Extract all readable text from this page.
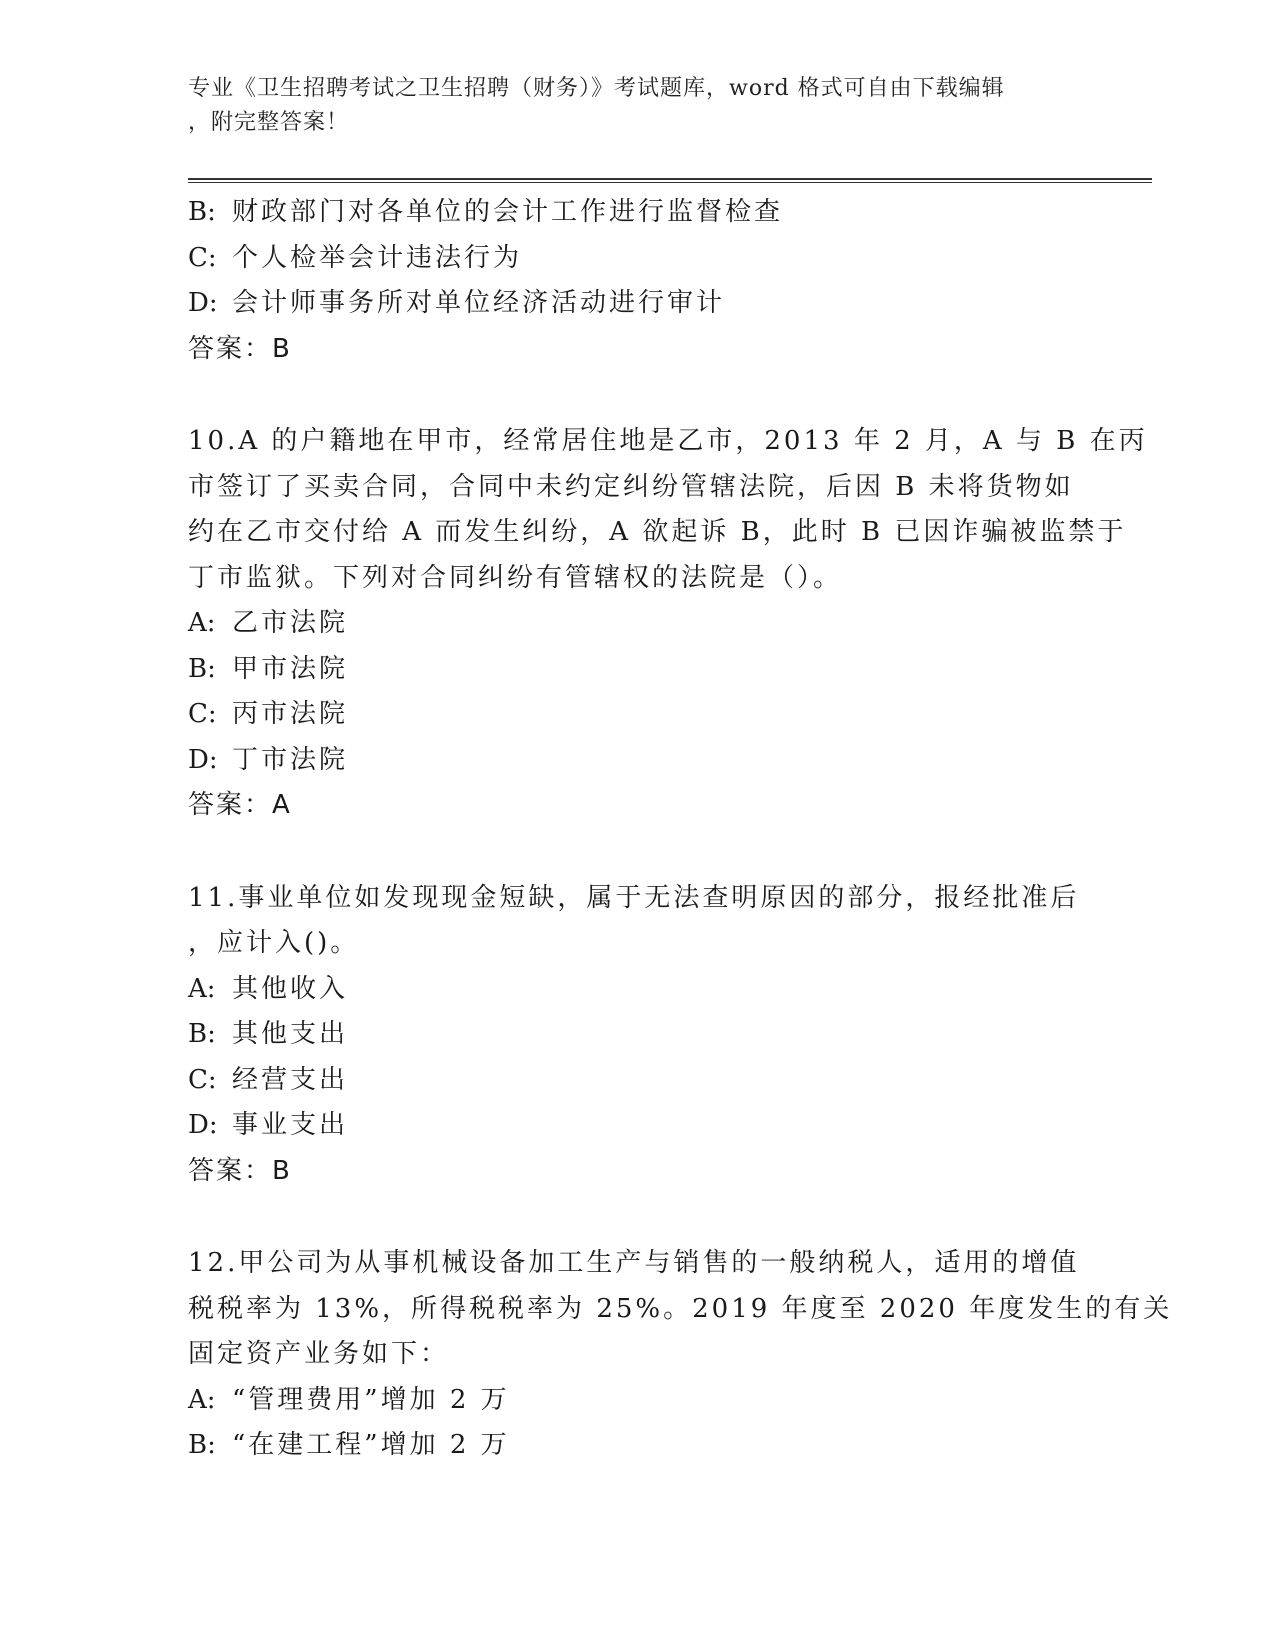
专业《卫生招聘考试之卫生招聘（财务）》考试题库，word 格式可自由下载编辑
，附完整答案！
B: 财政部门对各单位的会计工作进行监督检查
C: 个人检举会计违法行为
D: 会计师事务所对单位经济活动进行审计
答案：B
10.A 的户籍地在甲市，经常居住地是乙市，2013 年 2 月，A 与 B 在丙
市签订了买卖合同，合同中未约定纠纷管辖法院，后因 B 未将货物如
约在乙市交付给 A 而发生纠纷，A 欲起诉 B，此时 B 已因诈骗被监禁于
丁市监狱。下列对合同纠纷有管辖权的法院是（）。
A: 乙市法院
B: 甲市法院
C: 丙市法院
D: 丁市法院
答案：A
11.事业单位如发现现金短缺，属于无法查明原因的部分，报经批准后
，应计入()。
A: 其他收入
B: 其他支出
C: 经营支出
D: 事业支出
答案：B
12.甲公司为从事机械设备加工生产与销售的一般纳税人，适用的增值
税税率为 13%，所得税税率为 25%。2019 年度至 2020 年度发生的有关
固定资产业务如下：
A: “管理费用”增加 2 万
B: “在建工程”增加 2 万
